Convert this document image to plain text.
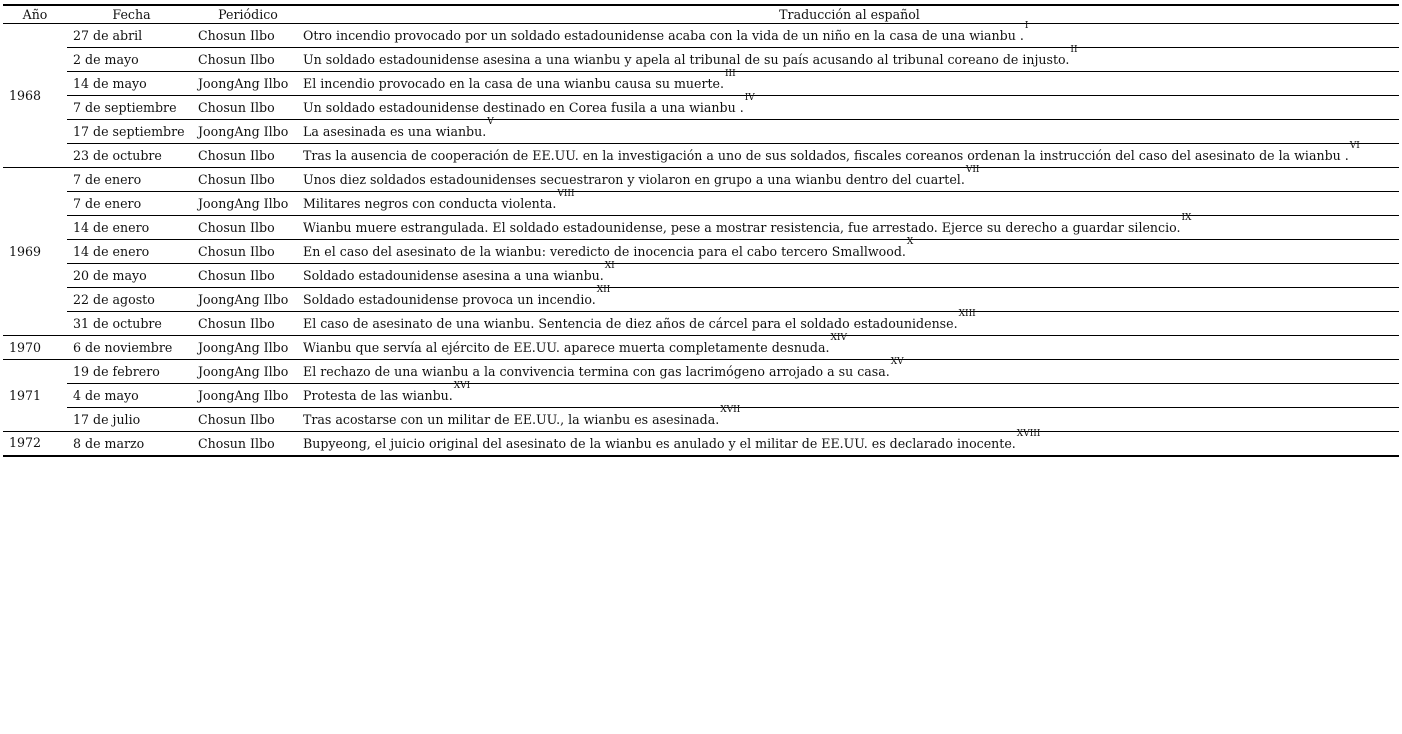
Año	Fecha	Periódico	Traducción al español
1968	27 de abril	Chosun Ilbo	Otro incendio provocado por un soldado estadounidense acaba con la vida de un niño en la casa de una wianbu .$^I$
	2 de mayo	Chosun Ilbo	Un soldado estadounidense asesina a una wianbu y apela al tribunal de su país acusando al tribunal coreano de injusto.$^{II}$
	14 de mayo	JoongAng Ilbo	El incendio provocado en la casa de una wianbu causa su muerte.$^{III}$
	7 de septiembre	Chosun Ilbo	Un soldado estadounidense destinado en Corea fusila a una wianbu .$^{IV}$
	17 de septiembre	JoongAng Ilbo	La asesinada es una wianbu.$^V$
	23 de octubre	Chosun Ilbo	Tras la ausencia de cooperación de EE.UU. en la investigación a uno de sus soldados, fiscales coreanos ordenan la instrucción del caso del asesinato de la wianbu .$^{VI}$
1969	7 de enero	Chosun Ilbo	Unos diez soldados estadounidenses secuestraron y violaron en grupo a una wianbu dentro del cuartel.$^{VII}$
	7 de enero	JoongAng Ilbo	Militares negros con conducta violenta.$^{VIII}$
	14 de enero	Chosun Ilbo	Wianbu muere estrangulada. El soldado estadounidense, pese a mostrar resistencia, fue arrestado. Ejerce su derecho a guardar silencio.$^{IX}$
	14 de enero	Chosun Ilbo	En el caso del asesinato de la wianbu: veredicto de inocencia para el cabo tercero Smallwood.$^X$
	20 de mayo	Chosun Ilbo	Soldado estadounidense asesina a una wianbu.$^{XI}$
	22 de agosto	JoongAng Ilbo	Soldado estadounidense provoca un incendio.$^{XII}$
	31 de octubre	Chosun Ilbo	El caso de asesinato de una wianbu. Sentencia de diez años de cárcel para el soldado estadounidense.$^{XIII}$
1970	6 de noviembre	JoongAng Ilbo	Wianbu que servía al ejército de EE.UU. aparece muerta completamente desnuda.$^{XIV}$
1971	19 de febrero	JoongAng Ilbo	El rechazo de una wianbu a la convivencia termina con gas lacrimógeno arrojado a su casa.$^{XV}$
	4 de mayo	JoongAng Ilbo	Protesta de las wianbu.$^{XVI}$
	17 de julio	Chosun Ilbo	Tras acostarse con un militar de EE.UU., la wianbu es asesinada.$^{XVII}$
1972	8 de marzo	Chosun Ilbo	Bupyeong, el juicio original del asesinato de la wianbu es anulado y el militar de EE.UU. es declarado inocente.$^{XVIII}$
